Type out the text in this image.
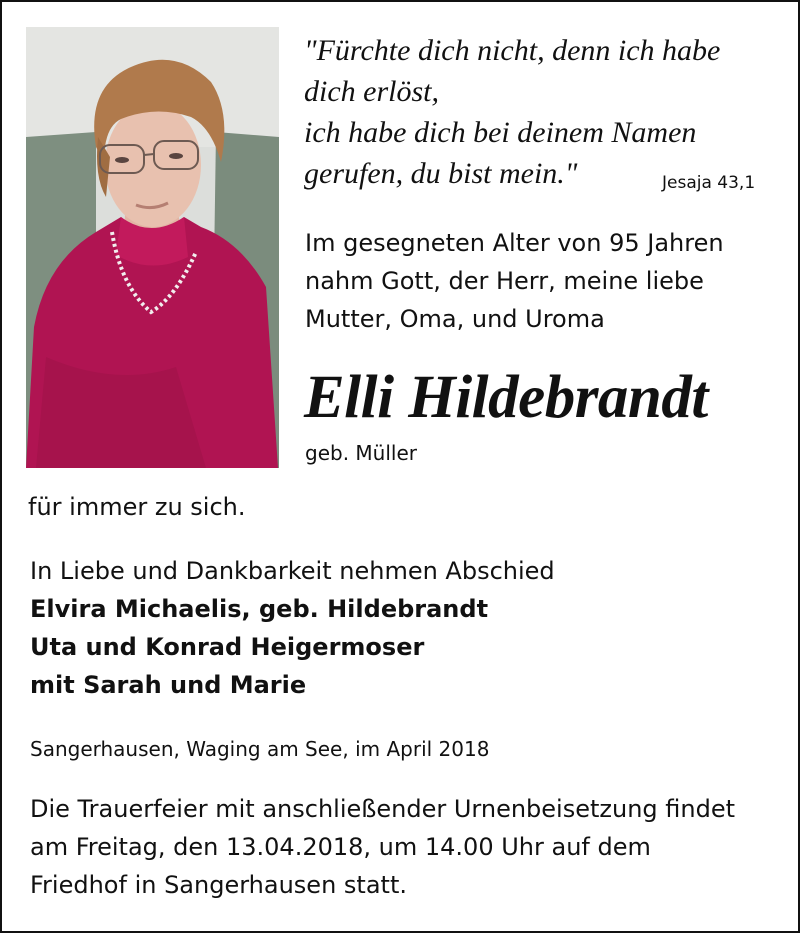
"Fürchte dich nicht, denn ich habe
dich erlöst,
ich habe dich bei deinem Namen
gerufen, du bist mein."	Jesaja 43,1
Im gesegneten Alter von 95 Jahren
nahm Gott, der Herr, meine liebe
Mutter, Oma, und Uroma
Elli Hildebrandt
geb. Müller
für immer zu sich.
In Liebe und Dankbarkeit nehmen Abschied
Elvira Michaelis, geb. Hildebrandt
Uta und Konrad Heigermoser
mit Sarah und Marie
Sangerhausen, Waging am See, im April 2018
Die Trauerfeier mit anschließender Urnenbeisetzung findet
am Freitag, den 13.04.2018, um 14.00 Uhr auf dem
Friedhof in Sangerhausen statt.
